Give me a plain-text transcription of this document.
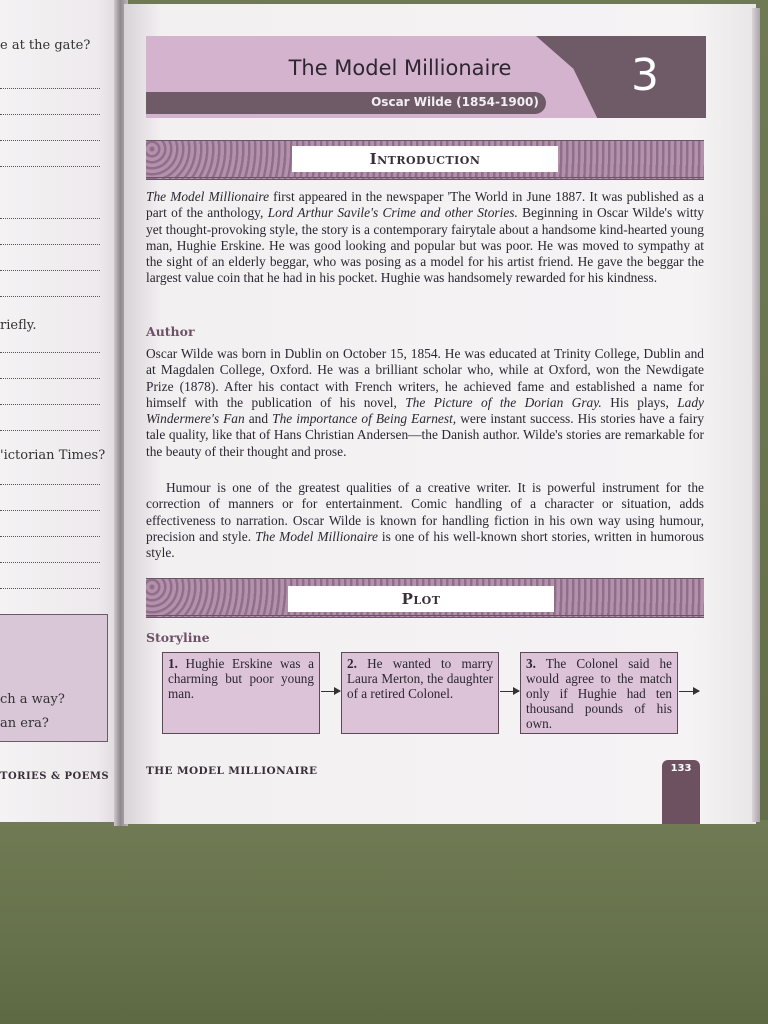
e at the gate?
riefly.
'ictorian Times?
ch a way?
an era?
TORIES & POEMS
3
The Model Millionaire
Oscar Wilde (1854-1900)
Introduction
The Model Millionaire first appeared in the newspaper 'The World in June 1887. It was published as a part of the anthology, Lord Arthur Savile's Crime and other Stories. Beginning in Oscar Wilde's witty yet thought-provoking style, the story is a contemporary fairytale about a handsome kind-hearted young man, Hughie Erskine. He was good looking and popular but was poor. He was moved to sympathy at the sight of an elderly beggar, who was posing as a model for his artist friend. He gave the beggar the largest value coin that he had in his pocket. Hughie was handsomely rewarded for his kindness.
Author
Oscar Wilde was born in Dublin on October 15, 1854. He was educated at Trinity College, Dublin and at Magdalen College, Oxford. He was a brilliant scholar who, while at Oxford, won the Newdigate Prize (1878). After his contact with French writers, he achieved fame and established a name for himself with the publication of his novel, The Picture of the Dorian Gray. His plays, Lady Windermere's Fan and The importance of Being Earnest, were instant success. His stories have a fairy tale quality, like that of Hans Christian Andersen—the Danish author. Wilde's stories are remarkable for the beauty of their thought and prose.
Humour is one of the greatest qualities of a creative writer. It is powerful instrument for the correction of manners or for entertainment. Comic handling of a character or situation, adds effectiveness to narration. Oscar Wilde is known for handling fiction in his own way using humour, precision and style. The Model Millionaire is one of his well-known short stories, written in humorous style.
Plot
Storyline
1. Hughie Erskine was a charming but poor young man.
2. He wanted to marry Laura Merton, the daughter of a retired Colonel.
3. The Colonel said he would agree to the match only if Hughie had ten thousand pounds of his own.
THE MODEL MILLIONAIRE	133
